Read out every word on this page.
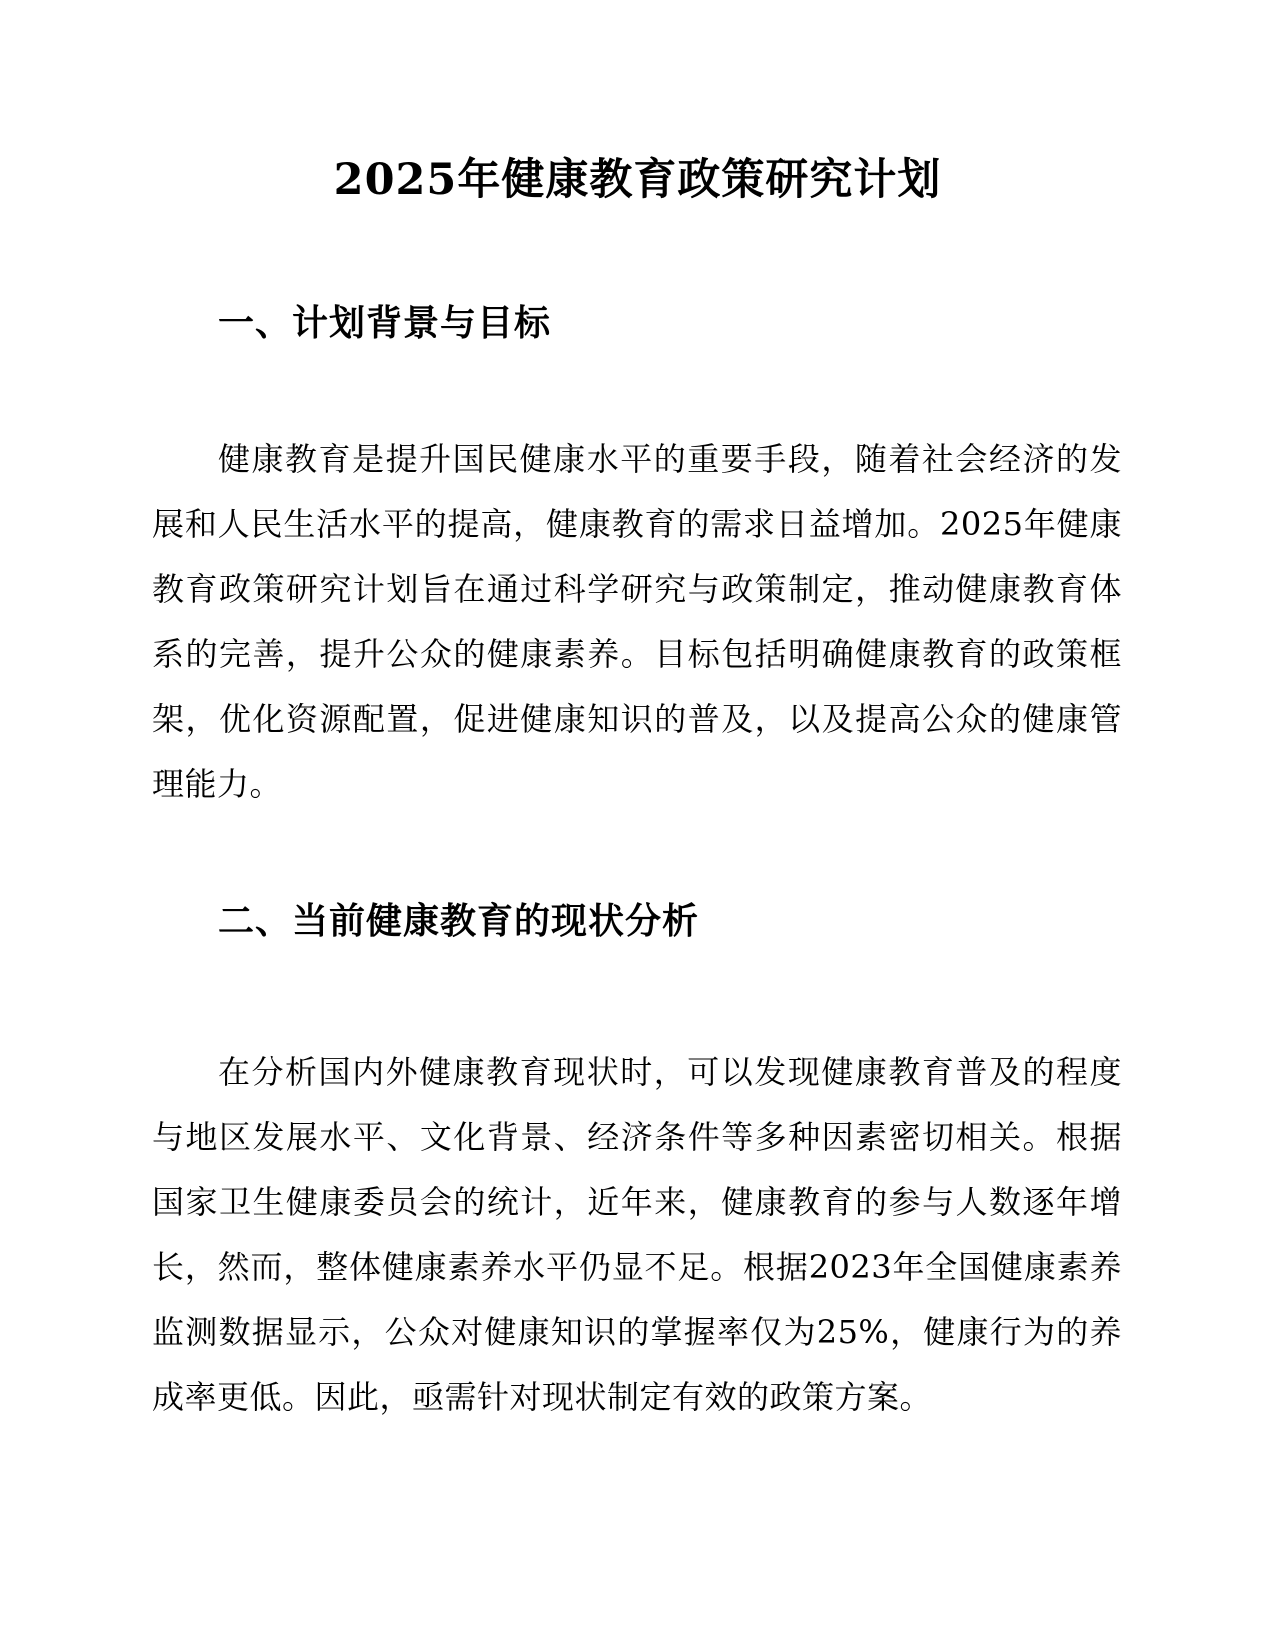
2025年健康教育政策研究计划
一、计划背景与目标

健康教育是提升国民健康水平的重要手段，随着社会经济的发展和人民生活水平的提高，健康教育的需求日益增加。2025年健康教育政策研究计划旨在通过科学研究与政策制定，推动健康教育体系的完善，提升公众的健康素养。目标包括明确健康教育的政策框架，优化资源配置，促进健康知识的普及，以及提高公众的健康管理能力。

二、当前健康教育的现状分析

在分析国内外健康教育现状时，可以发现健康教育普及的程度与地区发展水平、文化背景、经济条件等多种因素密切相关。根据国家卫生健康委员会的统计，近年来，健康教育的参与人数逐年增长，然而，整体健康素养水平仍显不足。根据2023年全国健康素养监测数据显示，公众对健康知识的掌握率仅为25%，健康行为的养成率更低。因此，亟需针对现状制定有效的政策方案。
